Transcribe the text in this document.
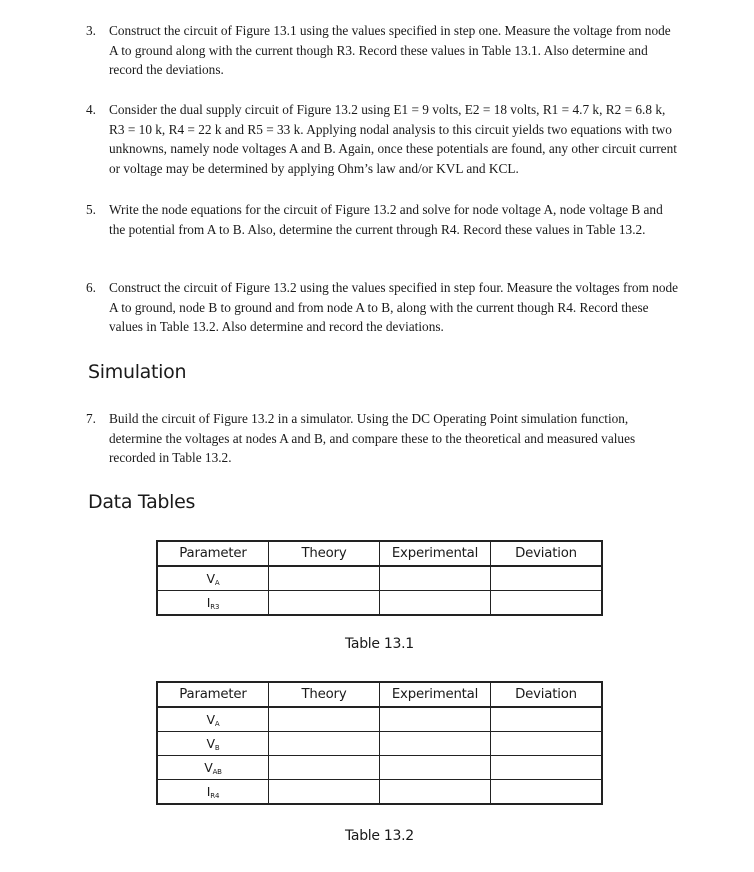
3. Construct the circuit of Figure 13.1 using the values specified in step one. Measure the voltage from node A to ground along with the current though R3. Record these values in Table 13.1. Also determine and record the deviations.
4. Consider the dual supply circuit of Figure 13.2 using E1 = 9 volts, E2 = 18 volts, R1 = 4.7 k, R2 = 6.8 k, R3 = 10 k, R4 = 22 k and R5 = 33 k. Applying nodal analysis to this circuit yields two equations with two unknowns, namely node voltages A and B. Again, once these potentials are found, any other circuit current or voltage may be determined by applying Ohm’s law and/or KVL and KCL.
5. Write the node equations for the circuit of Figure 13.2 and solve for node voltage A, node voltage B and the potential from A to B. Also, determine the current through R4. Record these values in Table 13.2.
6. Construct the circuit of Figure 13.2 using the values specified in step four. Measure the voltages from node A to ground, node B to ground and from node A to B, along with the current though R4. Record these values in Table 13.2. Also determine and record the deviations.
Simulation
7. Build the circuit of Figure 13.2 in a simulator. Using the DC Operating Point simulation function, determine the voltages at nodes A and B, and compare these to the theoretical and measured values recorded in Table 13.2.
Data Tables
Parameter	Theory	Experimental	Deviation
$V_A$			
$I_{R3}$			
Table 13.1
Parameter	Theory	Experimental	Deviation
$V_A$			
$V_B$			
$V_{AB}$			
$I_{R4}$			
Table 13.2
